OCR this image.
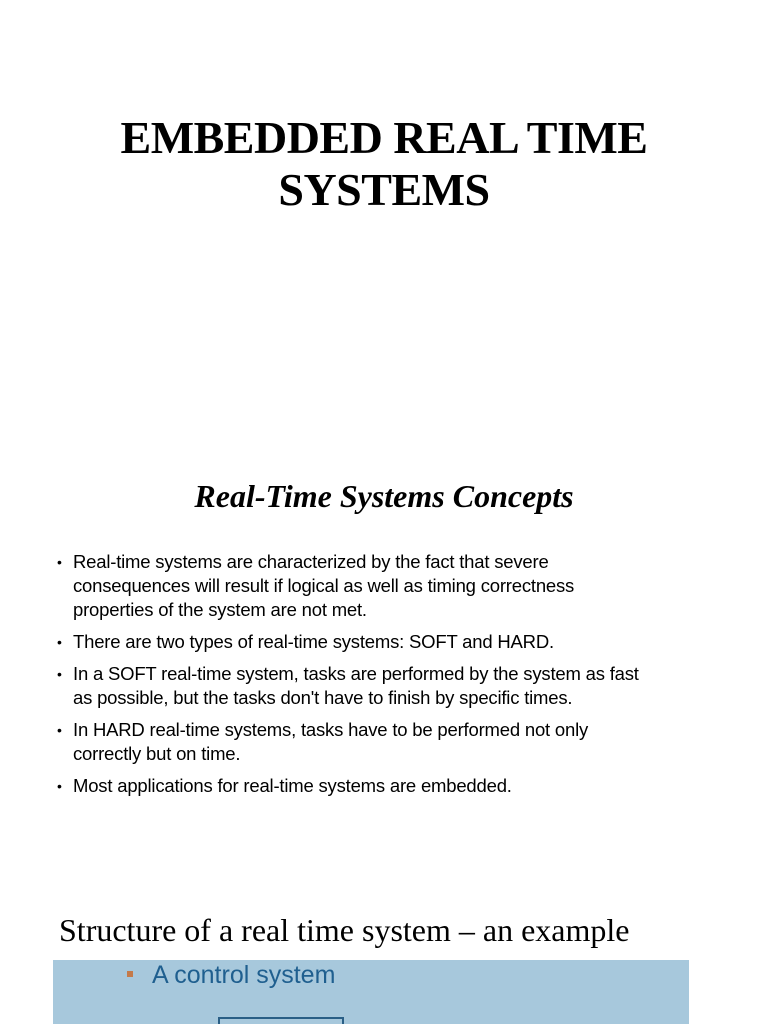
EMBEDDED REAL TIME
SYSTEMS
Real-Time Systems Concepts
• Real-time systems are characterized by the fact that severe
consequences will result if logical as well as timing correctness
properties of the system are not met.
• There are two types of real-time systems: SOFT and HARD.
• In a SOFT real-time system, tasks are performed by the system as fast
as possible, but the tasks don't have to finish by specific times.
• In HARD real-time systems, tasks have to be performed not only
correctly but on time.
• Most applications for real-time systems are embedded.
Structure of a real time system – an example
A control system
